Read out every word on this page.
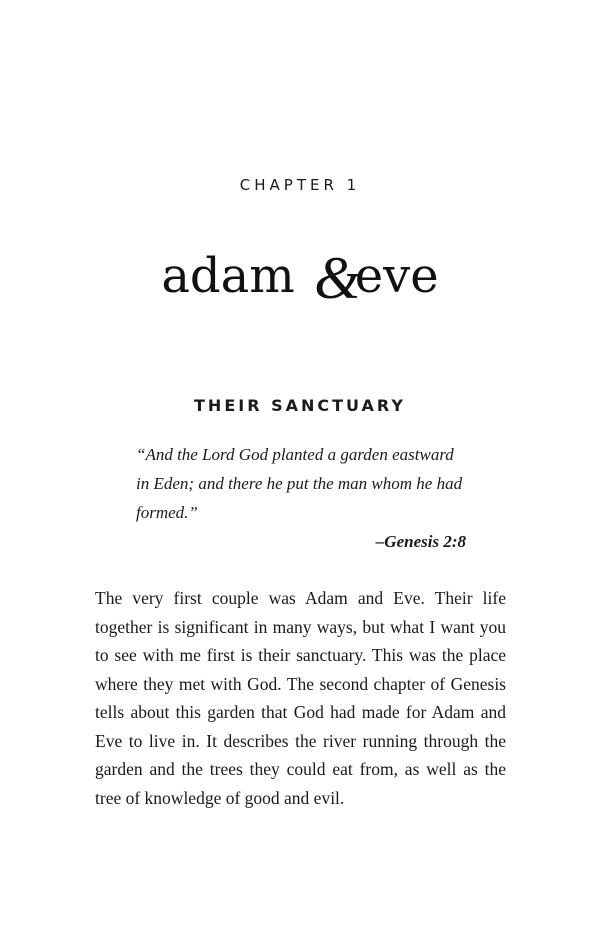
CHAPTER 1
adam &eve
THEIR SANCTUARY

“And the Lord God planted a garden eastward in Eden; and there he put the man whom he had formed.”

–Genesis 2:8

The very first couple was Adam and Eve. Their life together is significant in many ways, but what I want you to see with me first is their sanctuary. This was the place where they met with God. The second chapter of Genesis tells about this garden that God had made for Adam and Eve to live in. It describes the river running through the garden and the trees they could eat from, as well as the tree of knowledge of good and evil.
